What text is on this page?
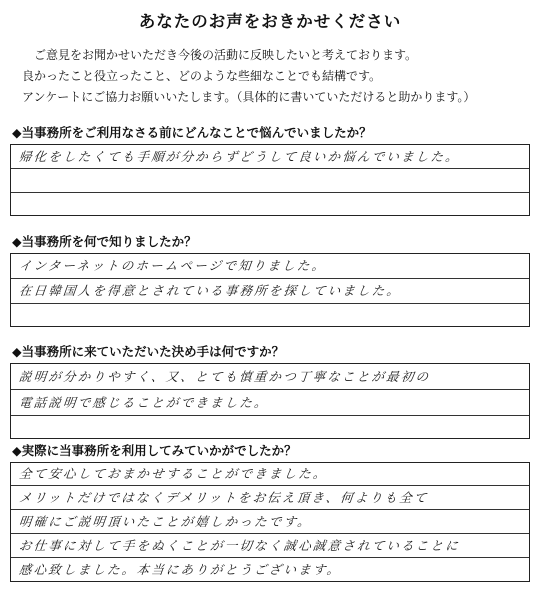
あなたのお声をおきかせください
ご意見をお聞かせいただき今後の活動に反映したいと考えております。
良かったこと役立ったこと、どのような些細なことでも結構です。
アンケートにご協力お願いいたします。（具体的に書いていただけると助かります。）
◆当事務所をご利用なさる前にどんなことで悩んでいましたか？
帰化をしたくても手順が分からずどうして良いか悩んでいました。
◆当事務所を何で知りましたか？
インターネットのホームページで知りました。
在日韓国人を得意とされている事務所を探していました。
◆当事務所に来ていただいた決め手は何ですか？
説明が分かりやすく、又、とても慎重かつ丁寧なことが最初の
電話説明で感じることができました。
◆実際に当事務所を利用してみていかがでしたか？
全て安心しておまかせすることができました。
メリットだけではなくデメリットをお伝え頂き、何よりも全て
明確にご説明頂いたことが嬉しかったです。
お仕事に対して手をぬくことが一切なく誠心誠意されていることに
感心致しました。本当にありがとうございます。
